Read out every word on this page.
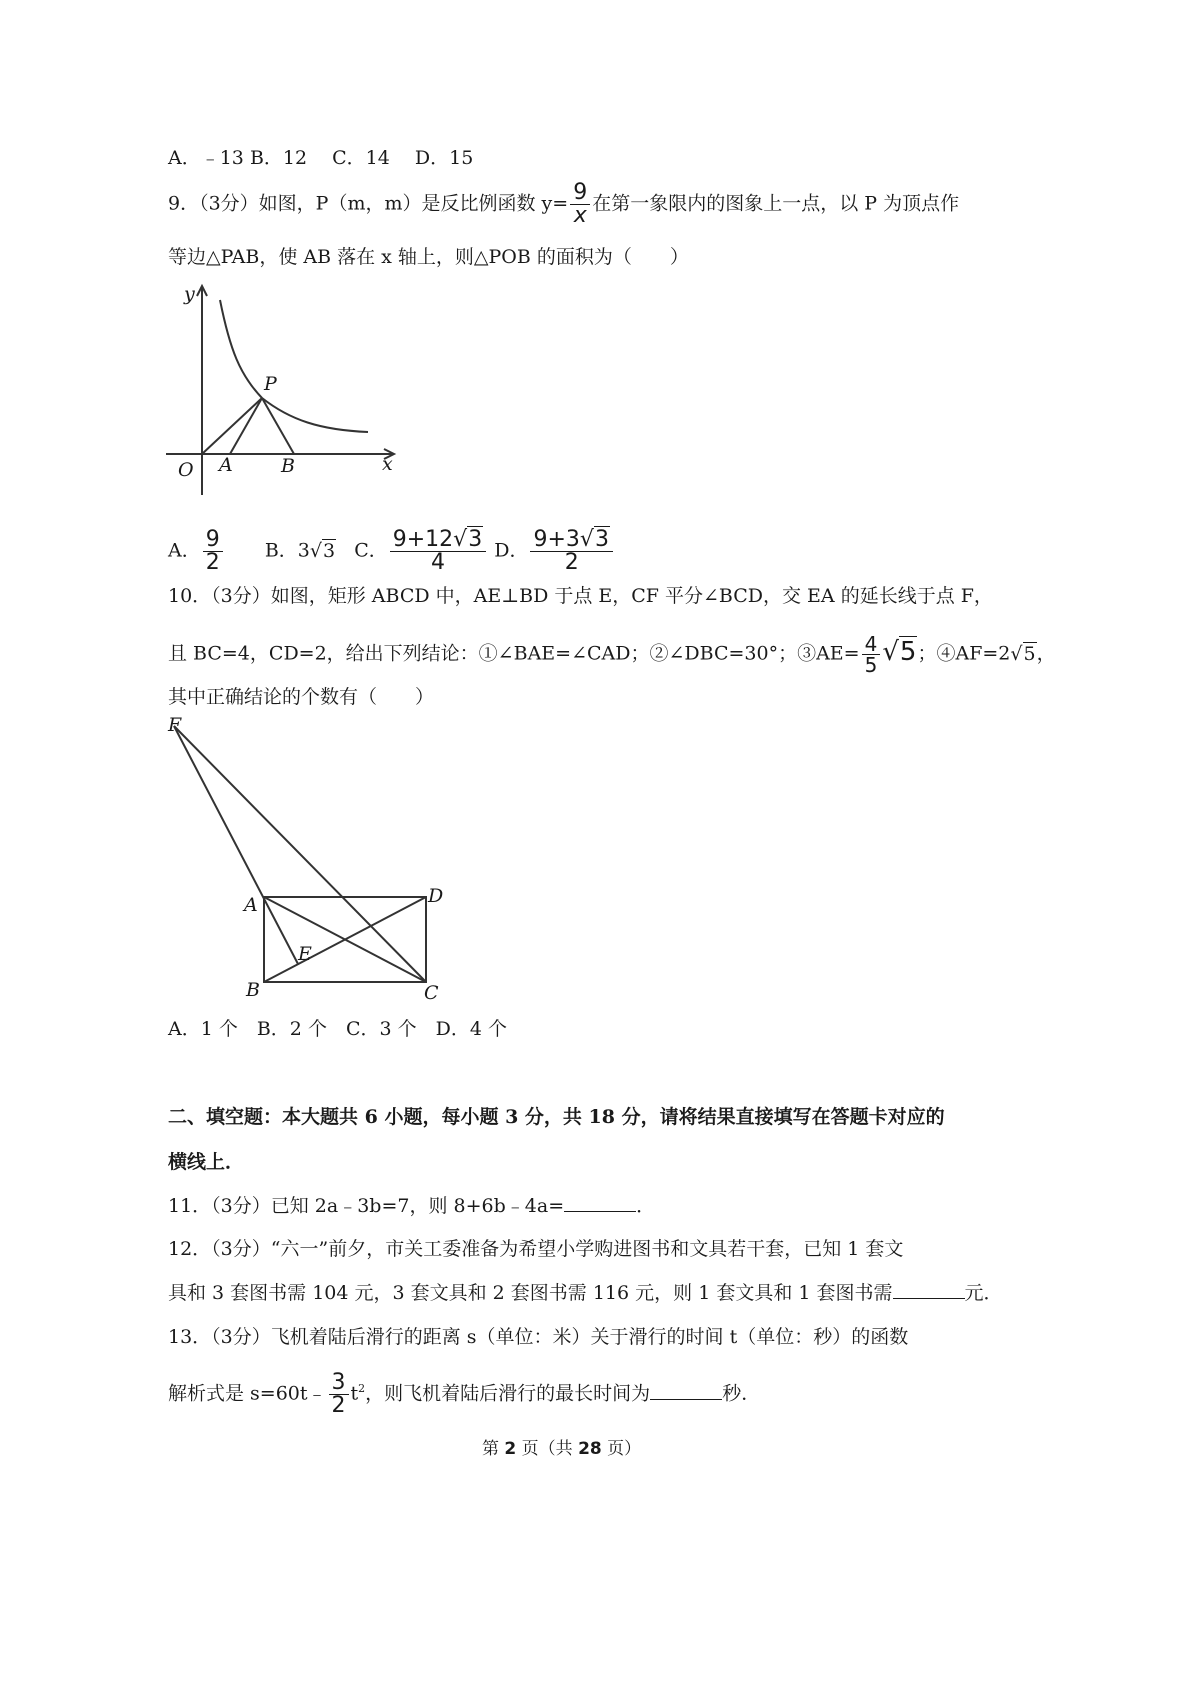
A．﹣13 B．12　 C．14　 D．15
9．（3分）如图，P（m，m）是反比例函数 $y= \frac{9}{x}$ 在第一象限内的图象上一点，以 P 为顶点作
等边△PAB，使 AB 落在 x 轴上，则△POB 的面积为（　　）
y
P
O A	B	x
A． $\frac{9}{2}$ B．3√3 C． $\frac{9+12√3}{4}$ D． $\frac{9+3√3}{2}$
10．（3分）如图，矩形 ABCD 中，AE⊥BD 于点 E，CF 平分∠BCD，交 EA 的延长线于点 F，
且 BC=4，CD=2，给出下列结论：①∠BAE=∠CAD；②∠DBC=30°；③AE= $\frac{4}{5} √5$；④AF=2√5，
其中正确结论的个数有（　　）
F
A	D
E
B	C
A．1 个　B．2 个　C．3 个　D．4 个
二、填空题：本大题共 6 小题，每小题 3 分，共 18 分，请将结果直接填写在答题卡对应的
横线上．
11．（3分）已知 2a﹣3b=7，则 8+6b﹣4a=	．
12．（3分）“六一”前夕，市关工委准备为希望小学购进图书和文具若干套，已知 1 套文
具和 3 套图书需 104 元，3 套文具和 2 套图书需 116 元，则 1 套文具和 1 套图书需	元．
13．（3分）飞机着陆后滑行的距离 s（单位：米）关于滑行的时间 t（单位：秒）的函数
解析式是 s=60t﹣ $\frac{3}{2} t^2$，则飞机着陆后滑行的最长时间为	秒．
第 2 页（共 28 页）
